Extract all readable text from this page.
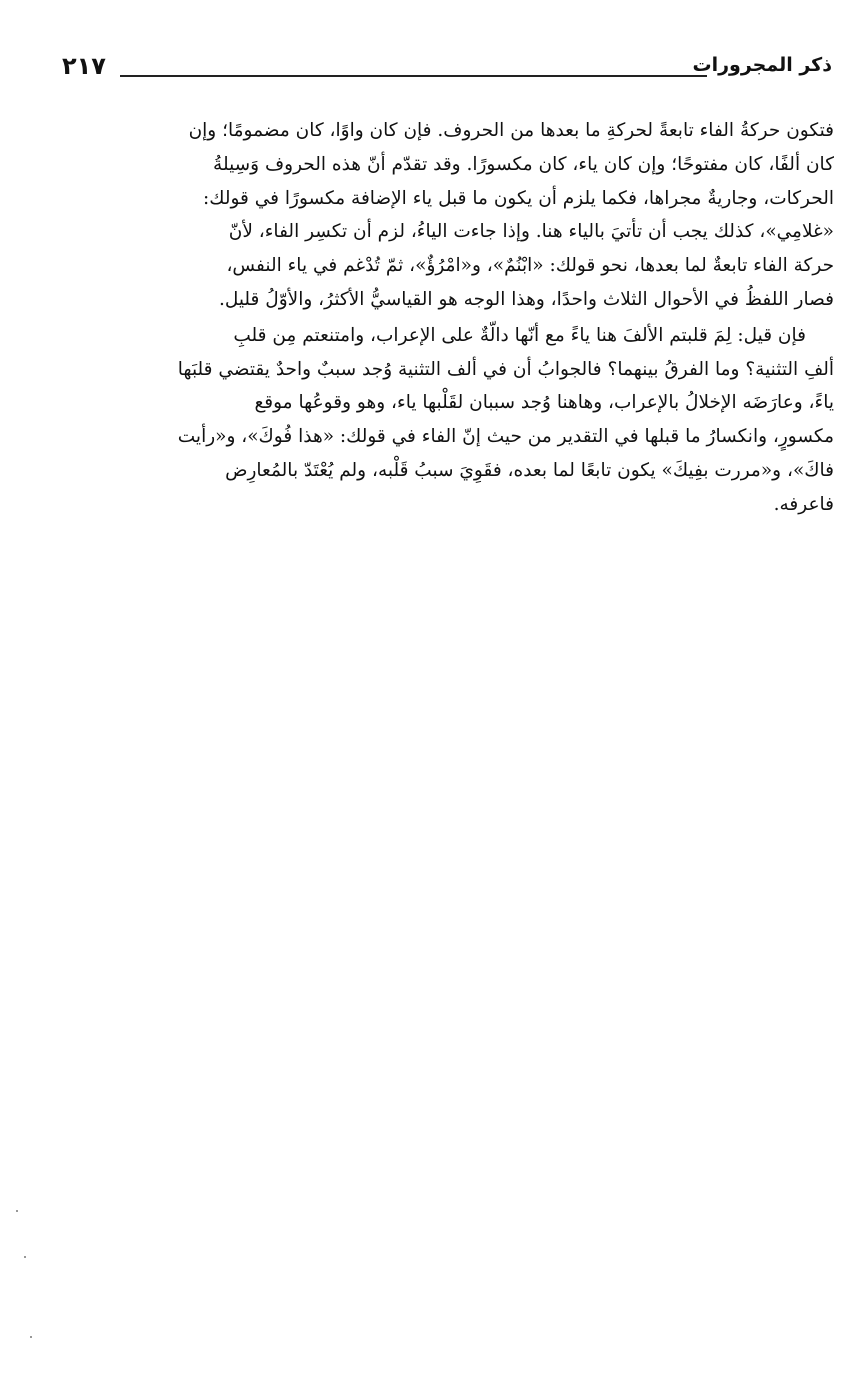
ذكر المجرورات
٢١٧
فتكون حركةُ الفاء تابعةً لحركةِ ما بعدها من الحروف. فإن كان واوًا، كان مضمومًا؛ وإن
كان ألفًا، كان مفتوحًا؛ وإن كان ياء، كان مكسورًا. وقد تقدّم أنّ هذه الحروف وَسِيلةُ
الحركات، وجاريةٌ مجراها، فكما يلزم أن يكون ما قبل ياء الإضافة مكسورًا في قولك:
«غلامِي»، كذلك يجب أن تأتيَ بالياء هنا. وإذا جاءت الياءُ، لزم أن تكسِر الفاء، لأنّ
حركة الفاء تابعةٌ لما بعدها، نحو قولك: «ابْنُمٌ»، و«امْرُؤٌ»، ثمّ تُدْغم في ياء النفس،
فصار اللفظُ في الأحوال الثلاث واحدًا، وهذا الوجه هو القياسيُّ الأكثرُ، والأوّلُ قليل.
فإن قيل: لِمَ قلبتم الألفَ هنا ياءً مع أنّها دالّةٌ على الإعراب، وامتنعتم مِن قلبِ
ألفِ التثنية؟ وما الفرقُ بينهما؟ فالجوابُ أن في ألف التثنية وُجد سببٌ واحدٌ يقتضي قلبَها
ياءً، وعارَضَه الإخلالُ بالإعراب، وهاهنا وُجد سببان لقَلْبها ياء، وهو وقوعُها موقع
مكسورٍ، وانكسارُ ما قبلها في التقدير من حيث إنّ الفاء في قولك: «هذا فُوكَ»، و«رأيت
فاكَ»، و«مررت بفِيكَ» يكون تابعًا لما بعده، فقَوِيَ سببُ قَلْبه، ولم يُعْتَدّ بالمُعارِض
فاعرفه.
